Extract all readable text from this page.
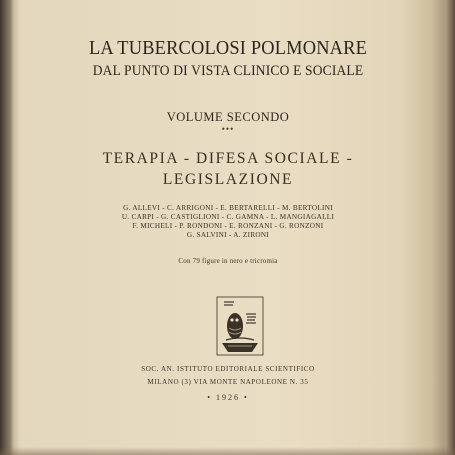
LA TUBERCOLOSI POLMONARE
DAL PUNTO DI VISTA CLINICO E SOCIALE
VOLUME SECONDO
•••
TERAPIA - DIFESA SOCIALE -
LEGISLAZIONE
G. ALLEVI - C. ARRIGONI - E. BERTARELLI - M. BERTOLINI
U. CARPI - G. CASTIGLIONI - C. GAMNA - L. MANGIAGALLI
F. MICHELI - P. RONDONI - E. RONZANI - G. RONZONI
G. SALVINI - A. ZIRONI
Con 79 figure in nero e tricromia
SOC. AN. ISTITUTO EDITORIALE SCIENTIFICO
MILANO (3) VIA MONTE NAPOLEONE N. 35
• 1926 •
